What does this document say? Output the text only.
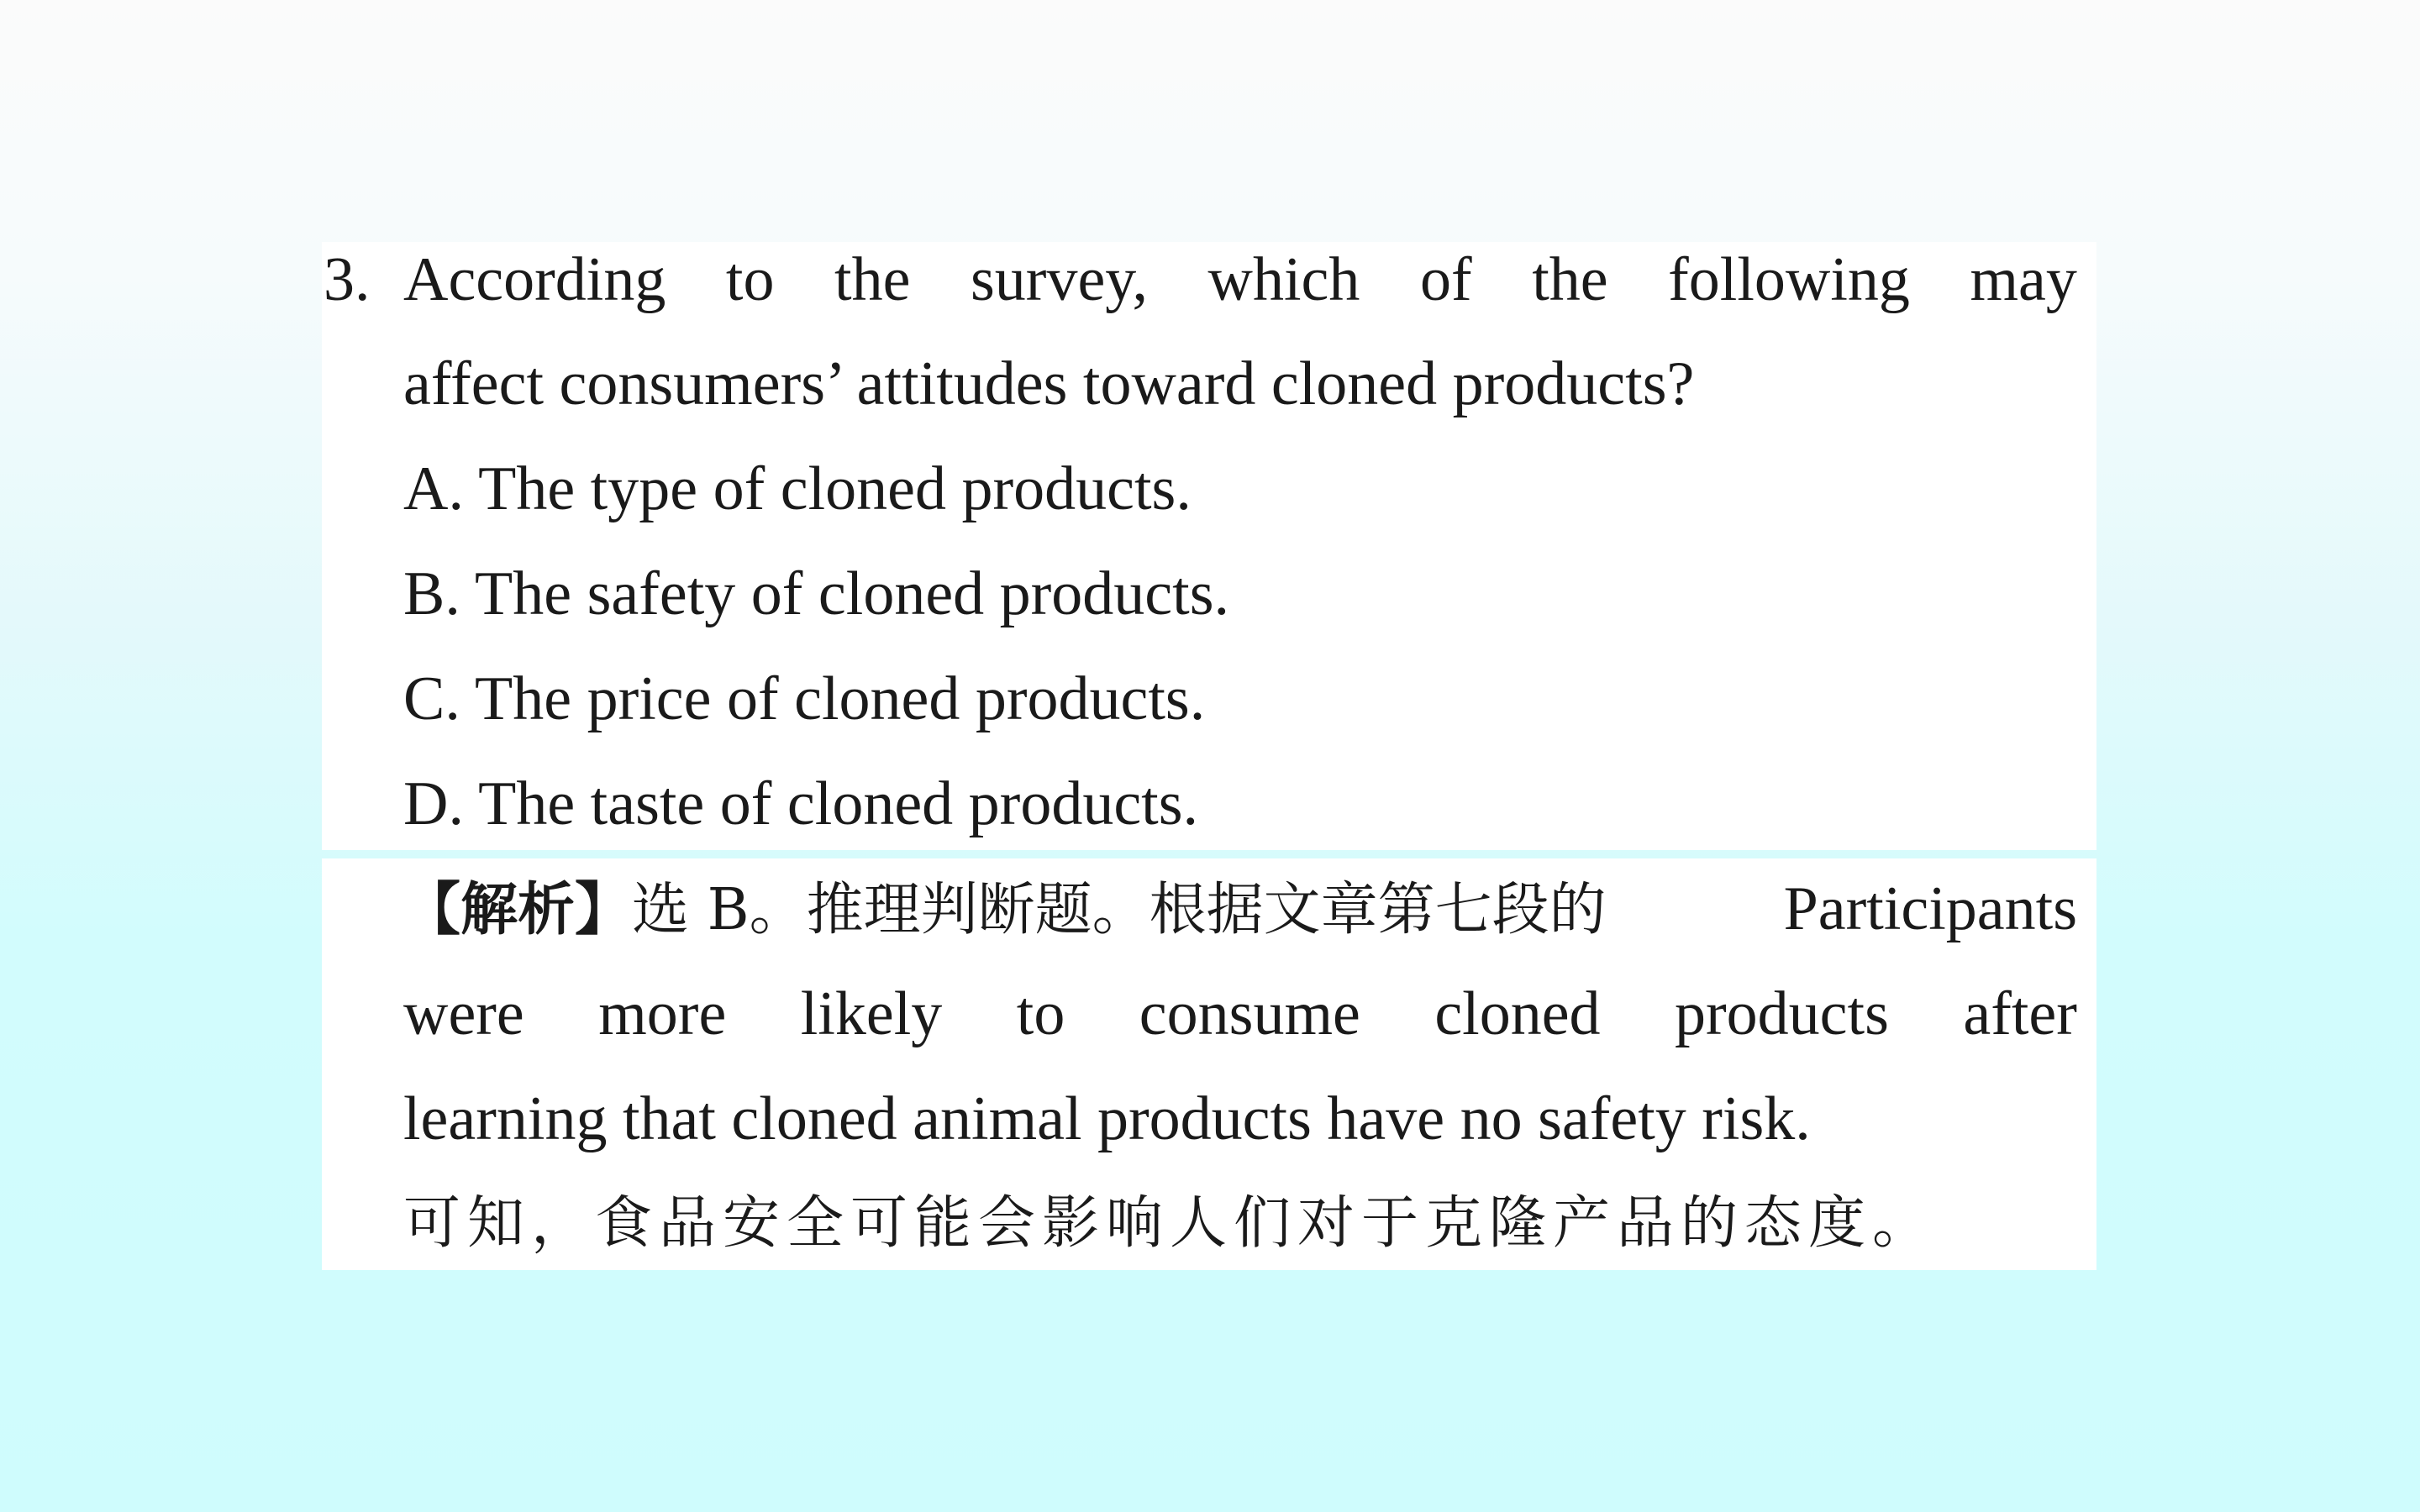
3. According to the survey, which of the following may
affect consumers’ attitudes toward cloned products?
A. The type of cloned products.
B. The safety of cloned products.
C. The price of cloned products.
D. The taste of cloned products.
【解析】选 B。推理判断题。根据文章第七段的	Participants
were more likely to consume cloned products after
learning that cloned animal products have no safety risk.
可知，食品安全可能会影响人们对于克隆产品的态度。
